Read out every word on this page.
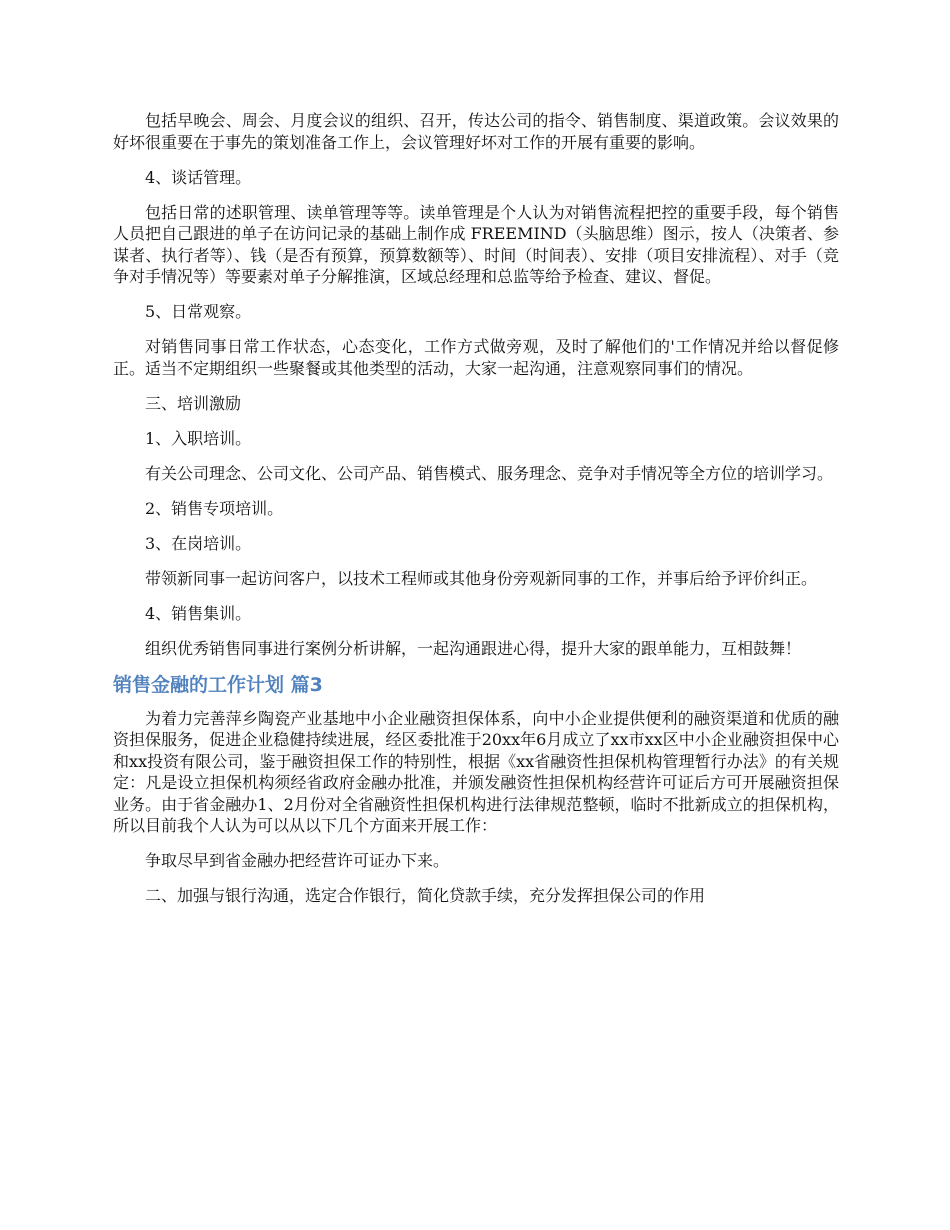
包括早晚会、周会、月度会议的组织、召开，传达公司的指令、销售制度、渠道政策。会议效果的好坏很重要在于事先的策划准备工作上，会议管理好坏对工作的开展有重要的影响。

4、谈话管理。

包括日常的述职管理、读单管理等等。读单管理是个人认为对销售流程把控的重要手段，每个销售人员把自己跟进的单子在访问记录的基础上制作成 FREEMIND（头脑思维）图示，按人（决策者、参谋者、执行者等）、钱（是否有预算，预算数额等）、时间（时间表）、安排（项目安排流程）、对手（竞争对手情况等）等要素对单子分解推演，区域总经理和总监等给予检查、建议、督促。

5、日常观察。

对销售同事日常工作状态，心态变化，工作方式做旁观，及时了解他们的'工作情况并给以督促修正。适当不定期组织一些聚餐或其他类型的活动，大家一起沟通，注意观察同事们的情况。

三、培训激励

1、入职培训。

有关公司理念、公司文化、公司产品、销售模式、服务理念、竞争对手情况等全方位的培训学习。

2、销售专项培训。

3、在岗培训。

带领新同事一起访问客户，以技术工程师或其他身份旁观新同事的工作，并事后给予评价纠正。

4、销售集训。

组织优秀销售同事进行案例分析讲解，一起沟通跟进心得，提升大家的跟单能力，互相鼓舞！

销售金融的工作计划 篇3

为着力完善萍乡陶瓷产业基地中小企业融资担保体系，向中小企业提供便利的融资渠道和优质的融资担保服务，促进企业稳健持续进展，经区委批准于20xx年6月成立了xx市xx区中小企业融资担保中心和xx投资有限公司，鉴于融资担保工作的特别性，根据《xx省融资性担保机构管理暂行办法》的有关规定：凡是设立担保机构须经省政府金融办批准，并颁发融资性担保机构经营许可证后方可开展融资担保业务。由于省金融办1、2月份对全省融资性担保机构进行法律规范整顿，临时不批新成立的担保机构，所以目前我个人认为可以从以下几个方面来开展工作：

争取尽早到省金融办把经营许可证办下来。

二、加强与银行沟通，选定合作银行，简化贷款手续，充分发挥担保公司的作用
